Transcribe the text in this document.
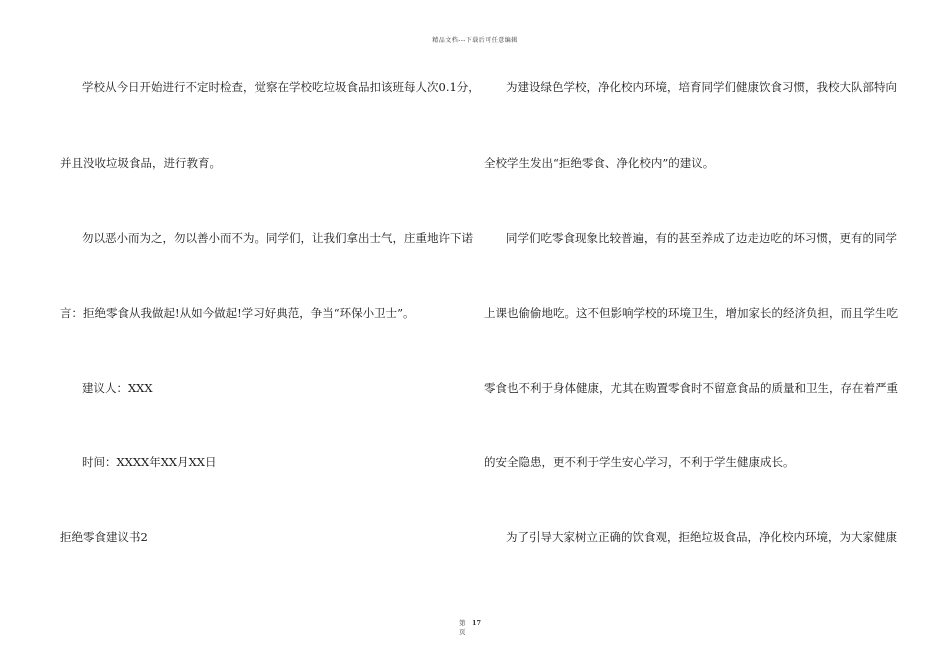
精品文档---下载后可任意编辑
学校从今日开始进行不定时检查，觉察在学校吃垃圾食品扣该班每人次0.1分，
并且没收垃圾食品，进行教育。
勿以恶小而为之，勿以善小而不为。同学们，让我们拿出士气，庄重地许下诺
言：拒绝零食从我做起!从如今做起!学习好典范，争当“环保小卫士”。
建议人：XXX
时间：XXXX年XX月XX日
拒绝零食建议书2
为建设绿色学校，净化校内环境，培育同学们健康饮食习惯，我校大队部特向
全校学生发出“拒绝零食、净化校内”的建议。
同学们吃零食现象比较普遍，有的甚至养成了边走边吃的坏习惯，更有的同学
上课也偷偷地吃。这不但影响学校的环境卫生，增加家长的经济负担，而且学生吃
零食也不利于身体健康，尤其在购置零食时不留意食品的质量和卫生，存在着严重
的安全隐患，更不利于学生安心学习，不利于学生健康成长。
为了引导大家树立正确的饮食观，拒绝垃圾食品，净化校内环境，为大家健康
第 17
页
